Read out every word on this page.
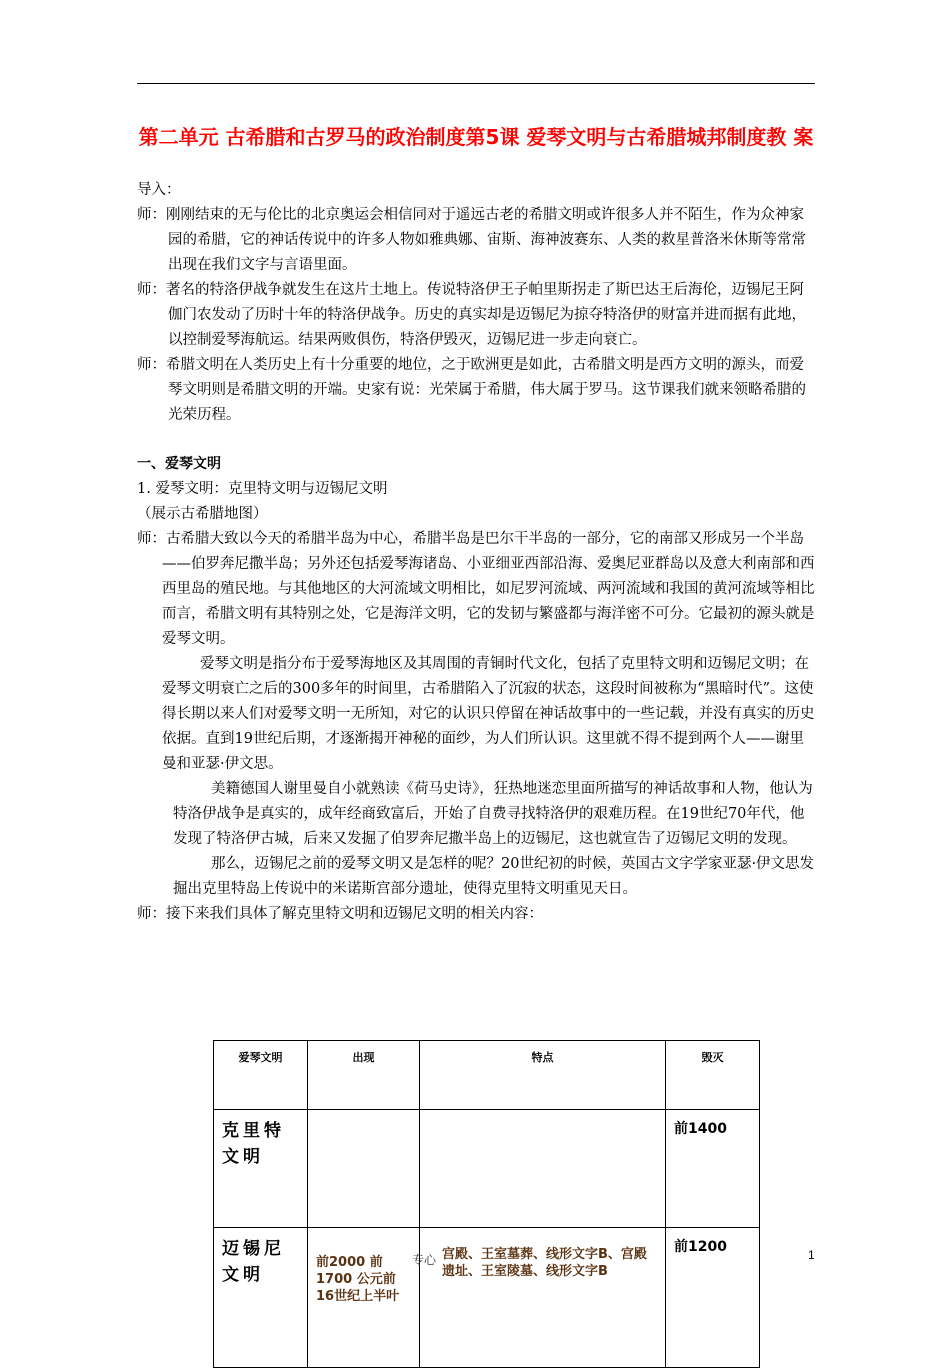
第二单元 古希腊和古罗马的政治制度第5课 爱琴文明与古希腊城邦制度教 案
导入：
师：刚刚结束的无与伦比的北京奥运会相信同对于遥远古老的希腊文明或许很多人并不陌生，作为众神家园的希腊，它的神话传说中的许多人物如雅典娜、宙斯、海神波赛东、人类的救星普洛米休斯等常常出现在我们文字与言语里面。
师：著名的特洛伊战争就发生在这片土地上。传说特洛伊王子帕里斯拐走了斯巴达王后海伦，迈锡尼王阿伽门农发动了历时十年的特洛伊战争。历史的真实却是迈锡尼为掠夺特洛伊的财富并进而据有此地，以控制爱琴海航运。结果两败俱伤，特洛伊毁灭，迈锡尼进一步走向衰亡。
师：希腊文明在人类历史上有十分重要的地位，之于欧洲更是如此，古希腊文明是西方文明的源头，而爱琴文明则是希腊文明的开端。史家有说：光荣属于希腊，伟大属于罗马。这节课我们就来领略希腊的光荣历程。
一、爱琴文明
1. 爱琴文明：克里特文明与迈锡尼文明
（展示古希腊地图）
师：古希腊大致以今天的希腊半岛为中心，希腊半岛是巴尔干半岛的一部分，它的南部又形成另一个半岛——伯罗奔尼撒半岛；另外还包括爱琴海诸岛、小亚细亚西部沿海、爱奥尼亚群岛以及意大利南部和西西里岛的殖民地。与其他地区的大河流域文明相比，如尼罗河流域、两河流域和我国的黄河流域等相比而言，希腊文明有其特别之处，它是海洋文明，它的发韧与繁盛都与海洋密不可分。它最初的源头就是爱琴文明。
爱琴文明是指分布于爱琴海地区及其周围的青铜时代文化，包括了克里特文明和迈锡尼文明；在爱琴文明衰亡之后的300多年的时间里，古希腊陷入了沉寂的状态，这段时间被称为“黑暗时代”。这使得长期以来人们对爱琴文明一无所知，对它的认识只停留在神话故事中的一些记载，并没有真实的历史依据。直到19世纪后期，才逐渐揭开神秘的面纱，为人们所认识。这里就不得不提到两个人——谢里曼和亚瑟·伊文思。
美籍德国人谢里曼自小就熟读《荷马史诗》，狂热地迷恋里面所描写的神话故事和人物，他认为特洛伊战争是真实的，成年经商致富后，开始了自费寻找特洛伊的艰难历程。在19世纪70年代，他发现了特洛伊古城，后来又发掘了伯罗奔尼撒半岛上的迈锡尼，这也就宣告了迈锡尼文明的发现。
那么，迈锡尼之前的爱琴文明又是怎样的呢？20世纪初的时候，英国古文字学家亚瑟·伊文思发掘出克里特岛上传说中的米诺斯宫部分遗址，使得克里特文明重见天日。
师：接下来我们具体了解克里特文明和迈锡尼文明的相关内容：
爱琴文明	出现	特点	毁灭
克里特文明			前1400
迈锡尼文明	前2000 前1700 公元前16世纪上半叶	宫殿、王室墓葬、线形文字B、宫殿遗址、王室陵墓、线形文字B	前1200
专心	1
